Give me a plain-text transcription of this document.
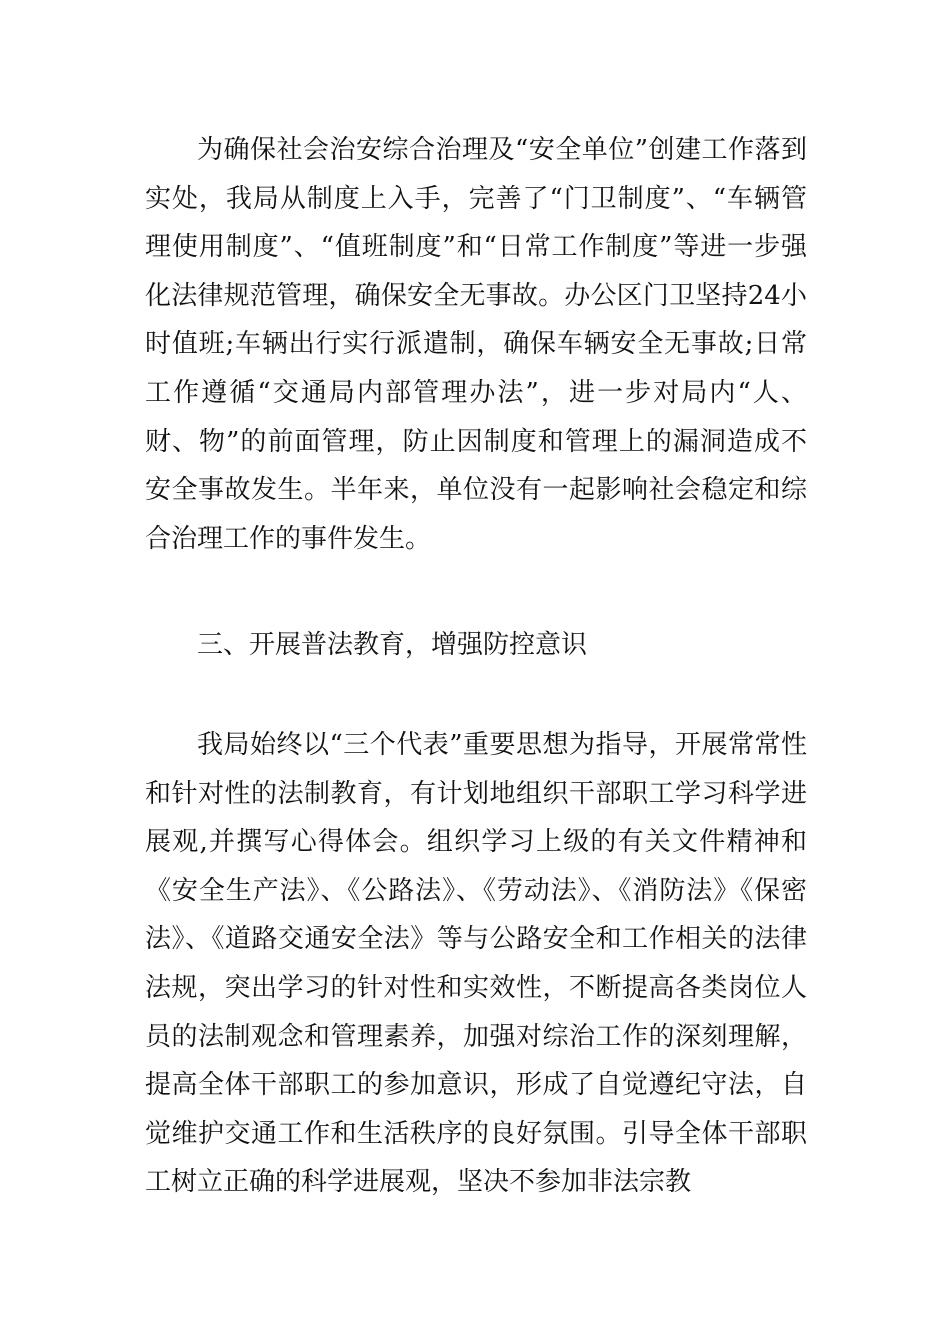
为确保社会治安综合治理及“安全单位”创建工作落到实处，我局从制度上入手，完善了“门卫制度”、“车辆管理使用制度”、“值班制度”和“日常工作制度”等进一步强化法律规范管理，确保安全无事故。办公区门卫坚持24小时值班;车辆出行实行派遣制，确保车辆安全无事故;日常工作遵循“交通局内部管理办法”，进一步对局内“人、财、物”的前面管理，防止因制度和管理上的漏洞造成不安全事故发生。半年来，单位没有一起影响社会稳定和综合治理工作的事件发生。

三、开展普法教育，增强防控意识

我局始终以“三个代表”重要思想为指导，开展常常性和针对性的法制教育，有计划地组织干部职工学习科学进展观,并撰写心得体会。组织学习上级的有关文件精神和《安全生产法》、《公路法》、《劳动法》、《消防法》《保密法》、《道路交通安全法》等与公路安全和工作相关的法律法规，突出学习的针对性和实效性，不断提高各类岗位人员的法制观念和管理素养，加强对综治工作的深刻理解，提高全体干部职工的参加意识，形成了自觉遵纪守法，自觉维护交通工作和生活秩序的良好氛围。引导全体干部职工树立正确的科学进展观，坚决不参加非法宗教
